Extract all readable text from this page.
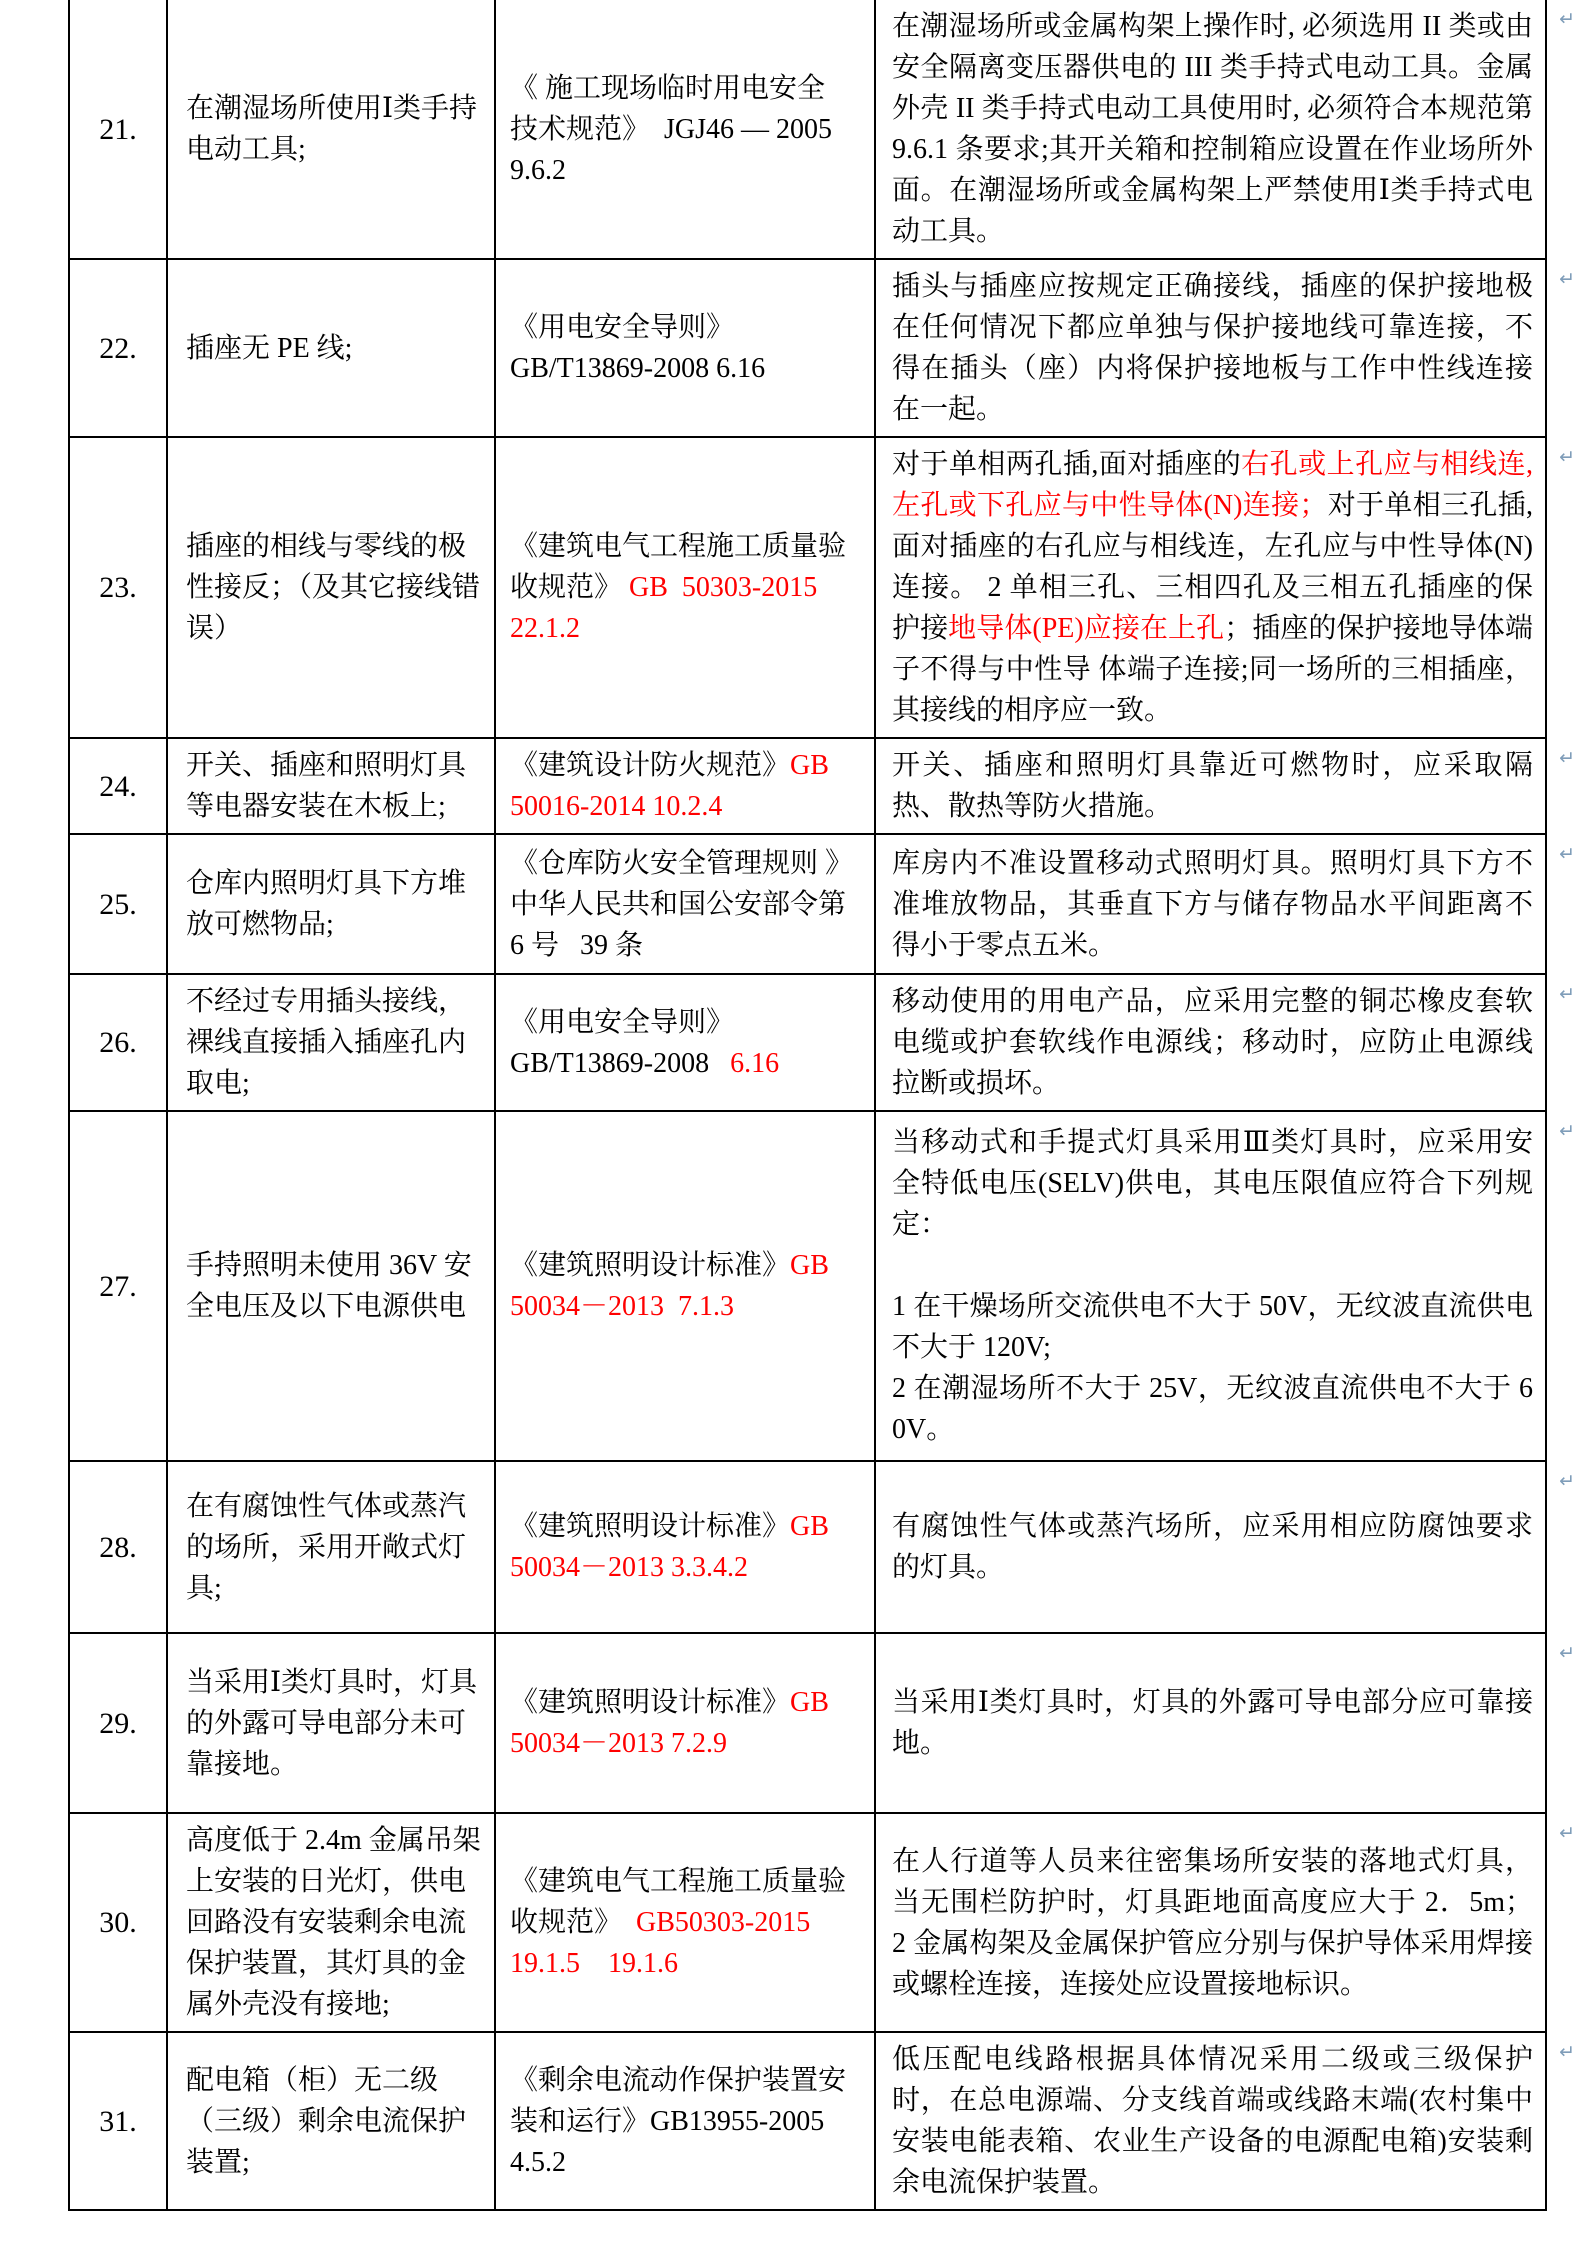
21.	在潮湿场所使用Ⅰ类手持电动工具;	《 施工现场临时用电安全
技术规范》  JGJ46 — 2005
9.6.2	在潮湿场所或金属构架上操作时, 必须选用 II 类或由安全隔离变压器供电的 III 类手持式电动工具。金属外壳 II 类手持式电动工具使用时, 必须符合本规范第 9.6.1 条要求;其开关箱和控制箱应设置在作业场所外面。在潮湿场所或金属构架上严禁使用Ⅰ类手持式电动工具。
↵

22.	插座无 PE 线;	《用电安全导则》
GB/T13869-2008 6.16	插头与插座应按规定正确接线，插座的保护接地极在任何情况下都应单独与保护接地线可靠连接，不得在插头（座）内将保护接地板与工作中性线连接在一起。
↵

23.	插座的相线与零线的极性接反；（及其它接线错误）	《建筑电气工程施工质量验
收规范》 GB  50303-2015
22.1.2	对于单相两孔插,面对插座的右孔或上孔应与相线连,左孔或下孔应与中性导体(N)连接；对于单相三孔插,面对插座的右孔应与相线连，左孔应与中性导体(N)连接。 2 单相三孔、三相四孔及三相五孔插座的保护接地导体(PE)应接在上孔；插座的保护接地导体端子不得与中性导 体端子连接;同一场所的三相插座，其接线的相序应一致。
↵

24.	开关、插座和照明灯具等电器安装在木板上;	《建筑设计防火规范》GB
50016-2014 10.2.4	开关、插座和照明灯具靠近可燃物时，应采取隔热、散热等防火措施。
↵

25.	仓库内照明灯具下方堆放可燃物品;	《仓库防火安全管理规则 》
中华人民共和国公安部令第
6 号   39 条	库房内不准设置移动式照明灯具。照明灯具下方不准堆放物品，其垂直下方与储存物品水平间距离不得小于零点五米。
↵

26.	不经过专用插头接线，裸线直接插入插座孔内取电;	《用电安全导则》
GB/T13869-2008   6.16	移动使用的用电产品，应采用完整的铜芯橡皮套软电缆或护套软线作电源线；移动时，应防止电源线拉断或损坏。
↵

27.	手持照明未使用 36V 安全电压及以下电源供电	《建筑照明设计标准》GB
50034－2013  7.1.3	当移动式和手提式灯具采用Ⅲ类灯具时，应采用安全特低电压(SELV)供电，其电压限值应符合下列规定：

1 在干燥场所交流供电不大于 50V，无纹波直流供电不大于 120V;
2 在潮湿场所不大于 25V，无纹波直流供电不大于 60V。
↵

28.	在有腐蚀性气体或蒸汽的场所，采用开敞式灯具;	《建筑照明设计标准》GB
50034－2013 3.3.4.2	有腐蚀性气体或蒸汽场所，应采用相应防腐蚀要求的灯具。
↵

29.	当采用Ⅰ类灯具时，灯具的外露可导电部分未可靠接地。	《建筑照明设计标准》GB
50034－2013 7.2.9	当采用Ⅰ类灯具时，灯具的外露可导电部分应可靠接地。
↵

30.	高度低于 2.4m 金属吊架上安装的日光灯，供电回路没有安装剩余电流保护装置，其灯具的金属外壳没有接地;	《建筑电气工程施工质量验
收规范》  GB50303-2015
19.1.5    19.1.6	在人行道等人员来往密集场所安装的落地式灯具， 当无围栏防护时，灯具距地面高度应大于 2．5m；  2 金属构架及金属保护管应分别与保护导体采用焊接或螺栓连接，连接处应设置接地标识。
↵

31.	配电箱（柜）无二级（三级）剩余电流保护装置;	《剩余电流动作保护装置安
装和运行》GB13955-2005
4.5.2	低压配电线路根据具体情况采用二级或三级保护时，在总电源端、分支线首端或线路末端(农村集中安装电能表箱、农业生产设备的电源配电箱)安装剩余电流保护装置。
↵
